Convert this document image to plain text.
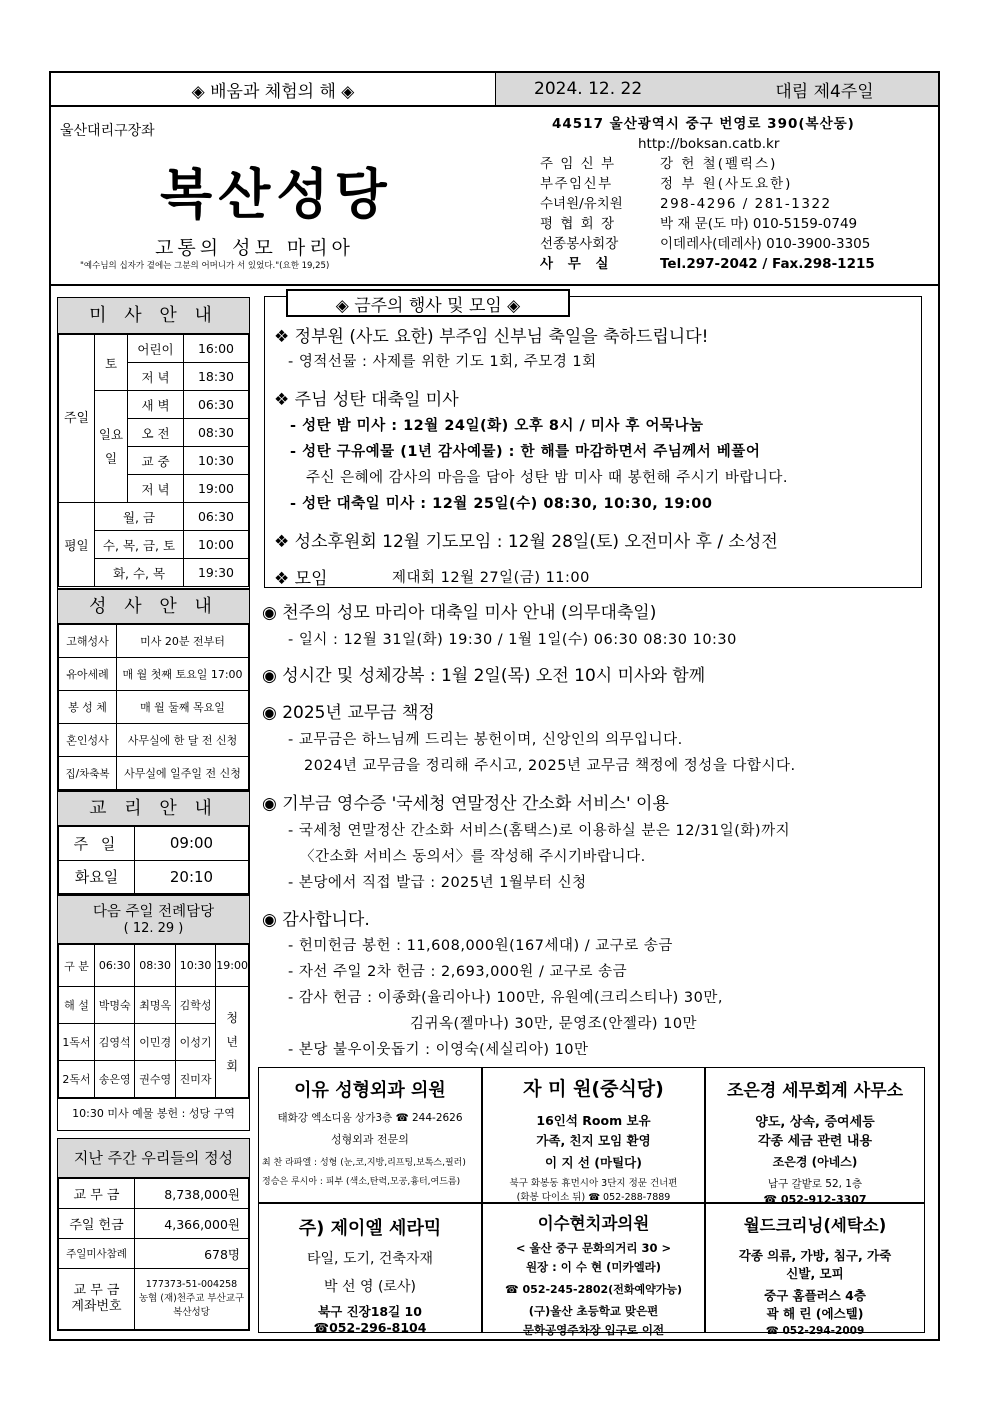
◈ 배움과 체험의 해 ◈	2024. 12. 22	대림 제4주일
울산대리구장좌
복산성당
고통의 성모 마리아
"예수님의 십자가 곁에는 그분의 어머니가 서 있었다."(요한 19,25)
44517 울산광역시 중구 번영로 390(복산동)
http://boksan.catb.kr
주 임 신 부	강 헌 철(펠릭스)
부주임신부	정 부 원(사도요한)
수녀원/유치원	298-4296 / 281-1322
평 협 회 장	박 재 문(도 마) 010-5159-0749
선종봉사회장	이데레사(데레사) 010-3900-3305
사 무 실	Tel.297-2042 / Fax.298-1215
미 사 안 내
주일	토	어린이	16:00
		저 녁	18:30
	일요일	새 벽	06:30
		오 전	08:30
		교 중	10:30
		저 녁	19:00
평일	월, 금		06:30
	수, 목, 금, 토		10:00
	화, 수, 목		19:30
성 사 안 내
고해성사	미사 20분 전부터
유아세례	매 월 첫째 토요일 17:00
봉 성 체	매 월 둘째 목요일
혼인성사	사무실에 한 달 전 신청
집/차축복	사무실에 일주일 전 신청
교 리 안 내
주 일	09:00
화요일	20:10
다음 주일 전례담당
( 12. 29 )
구 분	06:30	08:30	10:30	19:00
해 설	박명숙	최명옥	김학성	청년회
1독서	김영석	이민경	이성기	
2독서	송은영	권수영	진미자	
10:30 미사 예물 봉헌 : 성당 구역
지난 주간 우리들의 정성
교 무 금	8,738,000원
주일 헌금	4,366,000원
주일미사참례	678명
교 무 금 계좌번호	177373-51-004258
농협 (재)천주교 부산교구
복산성당
◈ 금주의 행사 및 모임 ◈
❖ 정부원 (사도 요한) 부주임 신부님 축일을 축하드립니다!
- 영적선물 : 사제를 위한 기도 1회, 주모경 1회
❖ 주님 성탄 대축일 미사
- 성탄 밤 미사 : 12월 24일(화) 오후 8시 / 미사 후 어묵나눔
- 성탄 구유예물 (1년 감사예물) : 한 해를 마감하면서 주님께서 베풀어
주신 은혜에 감사의 마음을 담아 성탄 밤 미사 때 봉헌해 주시기 바랍니다.
- 성탄 대축일 미사 : 12월 25일(수) 08:30, 10:30, 19:00
❖ 성소후원회 12월 기도모임 : 12월 28일(토) 오전미사 후 / 소성전
❖ 모임	제대회 12월 27일(금) 11:00
◉ 천주의 성모 마리아 대축일 미사 안내 (의무대축일)
- 일시 : 12월 31일(화) 19:30 / 1월 1일(수) 06:30 08:30 10:30
◉ 성시간 및 성체강복 : 1월 2일(목) 오전 10시 미사와 함께
◉ 2025년 교무금 책정
- 교무금은 하느님께 드리는 봉헌이며, 신앙인의 의무입니다.
2024년 교무금을 정리해 주시고, 2025년 교무금 책정에 정성을 다합시다.
◉ 기부금 영수증 '국세청 연말정산 간소화 서비스' 이용
- 국세청 연말정산 간소화 서비스(홈택스)로 이용하실 분은 12/31일(화)까지
〈간소화 서비스 동의서〉를 작성해 주시기바랍니다.
- 본당에서 직접 발급 : 2025년 1월부터 신청
◉ 감사합니다.
- 헌미헌금 봉헌 : 11,608,000원(167세대) / 교구로 송금
- 자선 주일 2차 헌금 : 2,693,000원 / 교구로 송금
- 감사 헌금 : 이종화(율리아나) 100만, 유원예(크리스티나) 30만,
김귀옥(젤마나) 30만, 문영조(안젤라) 10만
- 본당 불우이웃돕기 : 이영숙(세실리아) 10만
이유 성형외과 의원
태화강 엑소디움 상가3층 ☎ 244-2626
성형외과 전문의
최 찬 라파엘 : 성형 (눈,코,지방,리프팅,보톡스,필러)
정승은 루시아 : 피부 (색소,탄력,모공,흉터,여드름)
자 미 원(중식당)
16인석 Room 보유
가족, 친지 모임 환영
이 지 선 (마틸다)
북구 화봉동 휴먼시아 3단지 정문 건너편
(화봉 다이소 뒤) ☎ 052-288-7889
조은경 세무회계 사무소
양도, 상속, 증여세등
각종 세금 관련 내용
조은경 (아네스)
남구 갈밭로 52, 1층
☎ 052-912-3307
주) 제이엘 세라믹
타일, 도기, 건축자재
박 선 영 (로사)
북구 진장18길 10
☎052-296-8104
이수현치과의원
< 울산 중구 문화의거리 30 >
원장 : 이 수 현 (미카엘라)
☎ 052-245-2802(전화예약가능)
(구)울산 초등학교 맞은편
문화공영주차장 입구로 이전
월드크리닝(세탁소)
각종 의류, 가방, 침구, 가죽
신발, 모피
중구 홈플러스 4층
곽 해 린 (에스텔)
☎ 052-294-2009
